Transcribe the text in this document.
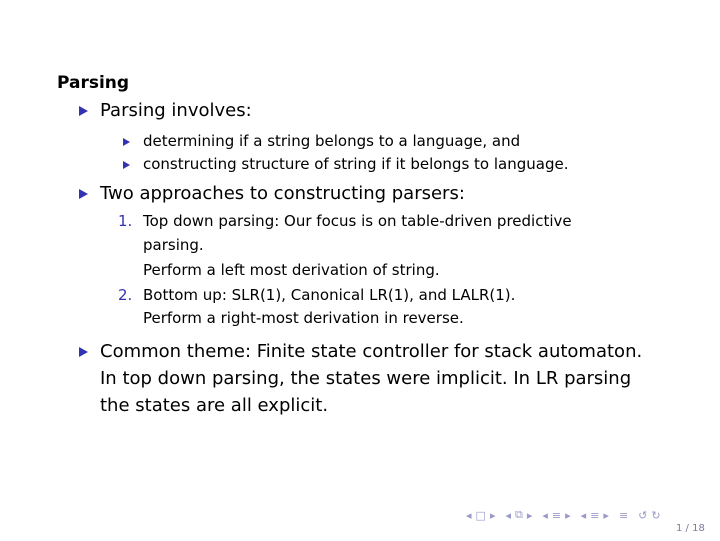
Parsing
Parsing involves:
determining if a string belongs to a language, and
constructing structure of string if it belongs to language.
Two approaches to constructing parsers:
1. Top down parsing: Our focus is on table-driven predictive
parsing.
Perform a left most derivation of string.
2. Bottom up: SLR(1), Canonical LR(1), and LALR(1).
Perform a right-most derivation in reverse.
Common theme: Finite state controller for stack automaton.
In top down parsing, the states were implicit. In LR parsing
the states are all explicit.
◂ □ ▸ ◂ ⧉ ▸ ◂ ≡ ▸ ◂ ≡ ▸ ≡ ↺ ↻
1 / 18
